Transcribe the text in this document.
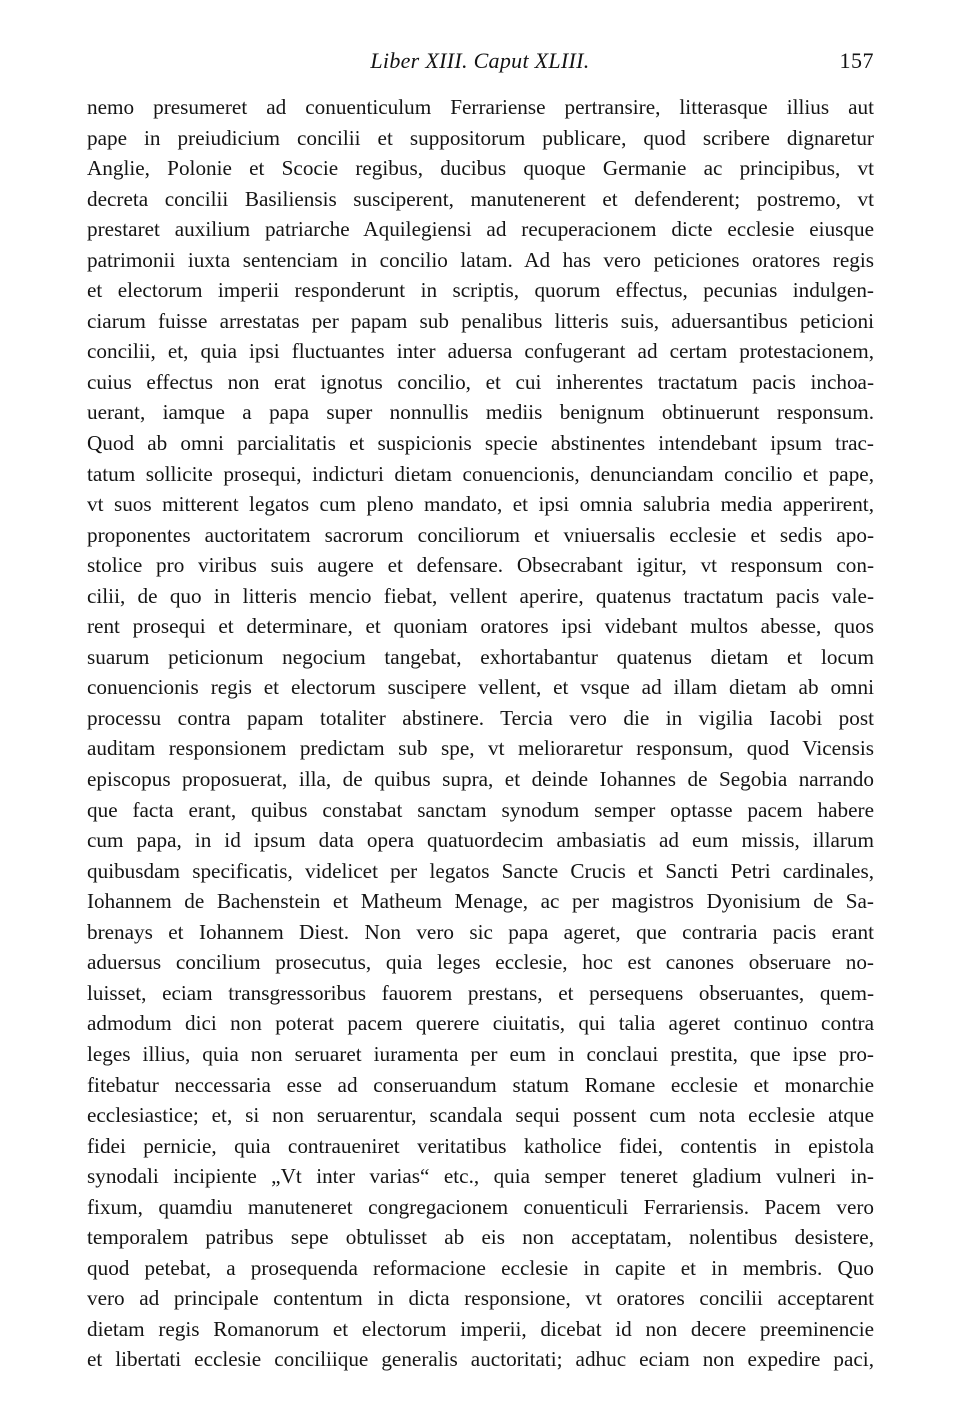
Liber XIII. Caput XLIII.	157
nemo presumeret ad conuenticulum Ferrariense pertransire, litterasque illius aut
pape in preiudicium concilii et suppositorum publicare, quod scribere dignaretur
Anglie, Polonie et Scocie regibus, ducibus quoque Germanie ac principibus, vt
decreta concilii Basiliensis susciperent, manutenerent et defenderent; postremo, vt
prestaret auxilium patriarche Aquilegiensi ad recuperacionem dicte ecclesie eiusque
patrimonii iuxta sentenciam in concilio latam. Ad has vero peticiones oratores regis
et electorum imperii responderunt in scriptis, quorum effectus, pecunias indulgen-
ciarum fuisse arrestatas per papam sub penalibus litteris suis, aduersantibus peticioni
concilii, et, quia ipsi fluctuantes inter aduersa confugerant ad certam protestacionem,
cuius effectus non erat ignotus concilio, et cui inherentes tractatum pacis inchoa-
uerant, iamque a papa super nonnullis mediis benignum obtinuerunt responsum.
Quod ab omni parcialitatis et suspicionis specie abstinentes intendebant ipsum trac-
tatum sollicite prosequi, indicturi dietam conuencionis, denunciandam concilio et pape,
vt suos mitterent legatos cum pleno mandato, et ipsi omnia salubria media apperirent,
proponentes auctoritatem sacrorum conciliorum et vniuersalis ecclesie et sedis apo-
stolice pro viribus suis augere et defensare. Obsecrabant igitur, vt responsum con-
cilii, de quo in litteris mencio fiebat, vellent aperire, quatenus tractatum pacis vale-
rent prosequi et determinare, et quoniam oratores ipsi videbant multos abesse, quos
suarum peticionum negocium tangebat, exhortabantur quatenus dietam et locum
conuencionis regis et electorum suscipere vellent, et vsque ad illam dietam ab omni
processu contra papam totaliter abstinere. Tercia vero die in vigilia Iacobi post
auditam responsionem predictam sub spe, vt melioraretur responsum, quod Vicensis
episcopus proposuerat, illa, de quibus supra, et deinde Iohannes de Segobia narrando
que facta erant, quibus constabat sanctam synodum semper optasse pacem habere
cum papa, in id ipsum data opera quatuordecim ambasiatis ad eum missis, illarum
quibusdam specificatis, videlicet per legatos Sancte Crucis et Sancti Petri cardinales,
Iohannem de Bachenstein et Matheum Menage, ac per magistros Dyonisium de Sa-
brenays et Iohannem Diest. Non vero sic papa ageret, que contraria pacis erant
aduersus concilium prosecutus, quia leges ecclesie, hoc est canones obseruare no-
luisset, eciam transgressoribus fauorem prestans, et persequens obseruantes, quem-
admodum dici non poterat pacem querere ciuitatis, qui talia ageret continuo contra
leges illius, quia non seruaret iuramenta per eum in conclaui prestita, que ipse pro-
fitebatur neccessaria esse ad conseruandum statum Romane ecclesie et monarchie
ecclesiastice; et, si non seruarentur, scandala sequi possent cum nota ecclesie atque
fidei pernicie, quia contraueniret veritatibus katholice fidei, contentis in epistola
synodali incipiente „Vt inter varias“ etc., quia semper teneret gladium vulneri in-
fixum, quamdiu manuteneret congregacionem conuenticuli Ferrariensis. Pacem vero
temporalem patribus sepe obtulisset ab eis non acceptatam, nolentibus desistere,
quod petebat, a prosequenda reformacione ecclesie in capite et in membris. Quo
vero ad principale contentum in dicta responsione, vt oratores concilii acceptarent
dietam regis Romanorum et electorum imperii, dicebat id non decere preeminencie
et libertati ecclesie conciliique generalis auctoritati; adhuc eciam non expedire paci,
